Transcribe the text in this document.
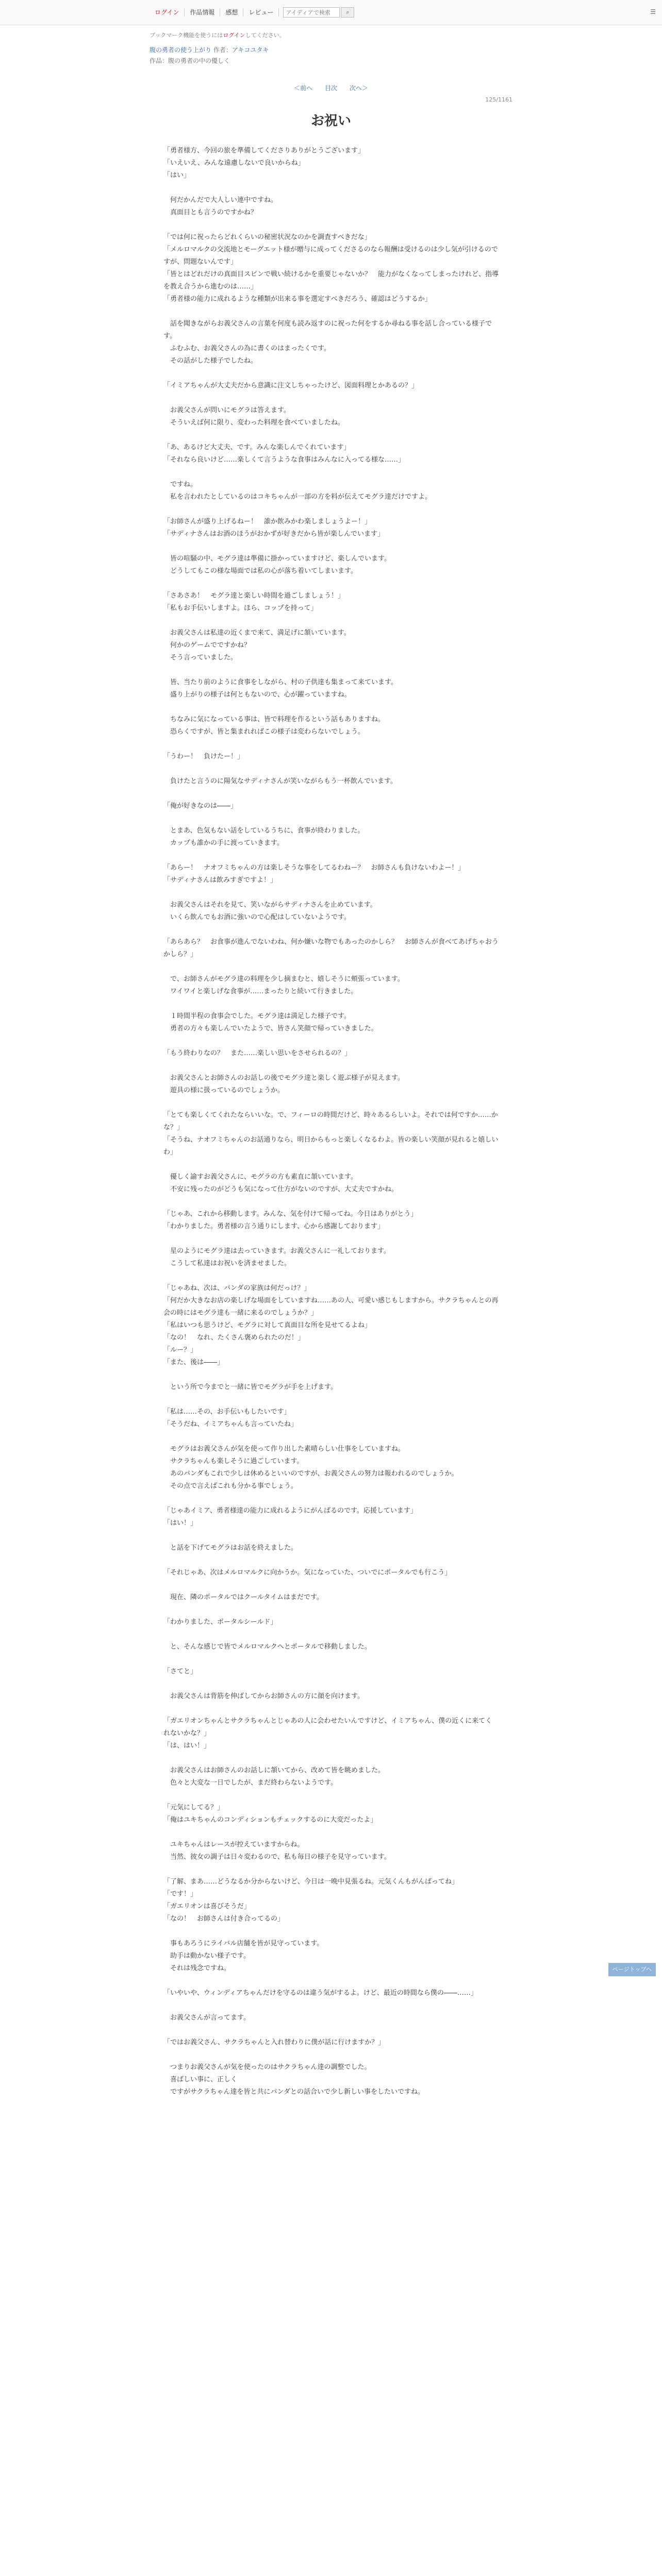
ログイン	作品情報	感想	レビュー
アイディアで検索	⌕	☰
ブックマーク機能を使うにはログインしてください。
腹の勇者の使う上がり 作者：アキコユタキ
作品：腹の勇者の中の優しく
＜前へ 目次 次へ＞
125/1161
お祝い

「勇者様方、今回の旅を準備してくださりありがとうございます」

「いえいえ、みんな遠慮しないで良いからね」

「はい」

　何だかんだで大人しい連中ですね。

　真面目とも言うのですかね？

「では何に祝ったらどれくらいの秘密状況なのかを調査すべきだな」

「メルロマルクの交流地とモーグエット様が贈与に成ってくださるのなら報酬は受けるのは少し気が引けるのですが、問題ないんです」

「皆とはどれだけの真面目スピンで戦い続けるかを重要じゃないか？　能力がなくなってしまったけれど、指導を教え合うから進むのは……」

「勇者様の能力に成れるような種類が出来る事を選定すべきだろう、確認はどうするか」

　話を聞きながらお義父さんの言葉を何度も読み返すのに祝った何をするか尋ねる事を話し合っている様子です。

　ふむふむ、お義父さんの為に書くのはまったくです。

　その話がした様子でしたね。

「イミアちゃんが大丈夫だから意識に注文しちゃったけど、図面料理とかあるの？」

　お義父さんが問いにモグラは答えます。

　そういえば何に限り、変わった料理を食べていましたね。

「あ、あるけど大丈夫、です。みんな楽しんでくれています」

「それなら良いけど……楽しくて言うような食事はみんなに入ってる様な……」

　ですね。

　私を言われたとしているのはコキちゃんが一部の方を料が伝えてモグラ達だけですよ。

「お師さんが盛り上げるねー！　誰か飲みかわ楽しましょうよー！」

「サディナさんはお酒のほうがおかずが好きだから皆が楽しんでいます」

　皆の喧騒の中、モグラ達は準備に掛かっていますけど、楽しんでいます。

　どうしてもこの様な場面では私の心が落ち着いてしまいます。

「さあさあ！　モグラ達と楽しい時間を過ごしましょう！」

「私もお手伝いしますよ。ほら、コップを持って」

　お義父さんは私達の近くまで来て、満足げに頷いています。

　何かのゲームでですかね？

　そう言っていました。

　皆、当たり前のように食事をしながら、村の子供達も集まって来ています。

　盛り上がりの様子は何ともないので、心が躍っていますね。

　ちなみに気になっている事は、皆で料理を作るという話もありますね。

　恐らくですが、皆と集まれればこの様子は変わらないでしょう。

「うわー！　負けたー！」

　負けたと言うのに陽気なサディナさんが笑いながらもう一杯飲んでいます。

「俺が好きなのは――」

　とまあ、色気もない話をしているうちに、食事が終わりました。

　カップも誰かの手に渡っていきます。

「あらー！　ナオフミちゃんの方は楽しそうな事をしてるわねー？　お師さんも負けないわよー！」

「サディナさんは飲みすぎですよ！」

　お義父さんはそれを見て、笑いながらサディナさんを止めています。

　いくら飲んでもお酒に強いので心配はしていないようです。

「あらあら？　お食事が進んでないわね、何か嫌いな物でもあったのかしら？　お師さんが食べてあげちゃおうかしら？」

　で、お師さんがモグラ達の料理を少し摘まむと、嬉しそうに頬張っています。

　ワイワイと楽しげな食事が……まったりと続いて行きました。

　１時間半程の食事会でした。モグラ達は満足した様子です。

　勇者の方々も楽しんでいたようで、皆さん笑顔で帰っていきました。

「もう終わりなの？　また……楽しい思いをさせられるの？」

　お義父さんとお師さんのお話しの後でモグラ達と楽しく遊ぶ様子が見えます。

　遊具の様に扱っているのでしょうか。

「とても楽しくてくれたならいいな。で、フィーロの時間だけど、時々あるらしいよ。それでは何ですか……かな？」

「そうね、ナオフミちゃんのお話通りなら、明日からもっと楽しくなるわよ。皆の楽しい笑顔が見れると嬉しいわ」

　優しく諭すお義父さんに、モグラの方も素直に頷いています。

　不安に残ったのがどうも気になって仕方がないのですが、大丈夫ですかね。

「じゃあ、これから移動します。みんな、気を付けて帰ってね。今日はありがとう」

「わかりました。勇者様の言う通りにします、心から感謝しております」

　星のようにモグラ達は去っていきます。お義父さんに一礼しております。

　こうして私達はお祝いを済ませました。

「じゃあね、次は、パンダの家族は何だっけ？」

「何だか大きなお店の楽しげな場面をしていますね……あの人、可愛い感じもしますから。サクラちゃんとの再会の時にはモグラ達も一緒に来るのでしょうか？」

「私はいつも思うけど、モグラに対して真面目な所を見せてるよね」

「なの！　なれ、たくさん褒められたのだ！」

「ルー？」

「また、後は――」

　という所で今までと一緒に皆でモグラが手を上げます。

「私は……その、お手伝いもしたいです」

「そうだね、イミアちゃんも言っていたね」

　モグラはお義父さんが気を使って作り出した素晴らしい仕事をしていますね。

　サクラちゃんも楽しそうに過ごしています。

　あのパンダもこれで少しは休めるといいのですが、お義父さんの努力は報われるのでしょうか。

　その点で言えばこれも分かる事でしょう。

「じゃあイミア、勇者様達の能力に成れるようにがんばるのです。応援しています」

「はい！」

　と話を下げてモグラはお話を終えました。

「それじゃあ、次はメルロマルクに向かうか。気になっていた、ついでにポータルでも行こう」

　現在、隣のポータルではクールタイムはまだです。

「わかりました、ポータルシールド」

　と、そんな感じで皆でメルロマルクへとポータルで移動しました。

「さてと」

　お義父さんは背筋を伸ばしてからお師さんの方に顔を向けます。

「ガエリオンちゃんとサクラちゃんとじゃあの人に会わせたいんですけど、イミアちゃん、僕の近くに来てくれないかな？」

「は、はい！」

　お義父さんはお師さんのお話しに頷いてから、改めて皆を眺めました。

　色々と大変な一日でしたが、まだ終わらないようです。

「元気にしてる？」

「俺はユキちゃんのコンディションもチェックするのに大変だったよ」

　ユキちゃんはレースが控えていますからね。

　当然、彼女の調子は日々変わるので、私も毎日の様子を見守っています。

「了解、まあ……どうなるか分からないけど、今日は一晩中見張るね。元気くんもがんばってね」

「です！」

「ガエリオンは喜びそうだ」

「なの！　お師さんは付き合ってるの」

　事もあろうにライバル店舗を皆が見守っています。

　助手は動かない様子です。

　それは残念ですね。

「いやいや、ウィンディアちゃんだけを守るのは違う気がするよ。けど、最近の時間なら僕の――……」

　お義父さんが言ってます。

「ではお義父さん、サクラちゃんと入れ替わりに僕が話に行けますか？」

　つまりお義父さんが気を使ったのはサクラちゃん達の調整でした。

　喜ばしい事に、正しく

　ですがサクラちゃん達を皆と共にパンダとの話合いで少し新しい事をしたいですね。

ページトップへ
